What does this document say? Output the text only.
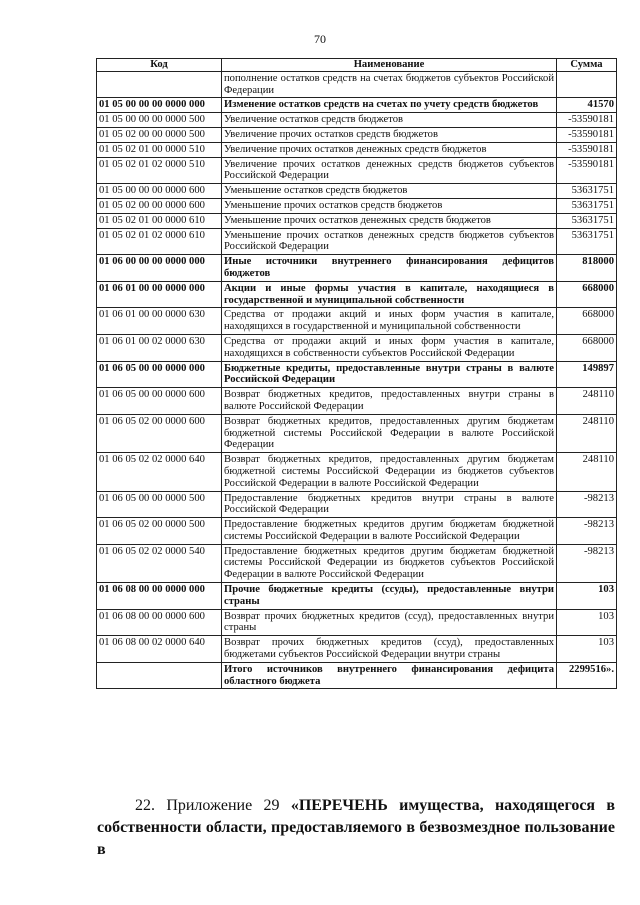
70
Код	Наименование	Сумма
	пополнение остатков средств на счетах бюджетов субъектов Российской Федерации	
01 05 00 00 00 0000 000	Изменение остатков средств на счетах по учету средств бюджетов	41570
01 05 00 00 00 0000 500	Увеличение остатков средств бюджетов	-53590181
01 05 02 00 00 0000 500	Увеличение прочих остатков средств бюджетов	-53590181
01 05 02 01 00 0000 510	Увеличение прочих остатков денежных средств бюджетов	-53590181
01 05 02 01 02 0000 510	Увеличение прочих остатков денежных средств бюджетов субъектов Российской Федерации	-53590181
01 05 00 00 00 0000 600	Уменьшение остатков средств бюджетов	53631751
01 05 02 00 00 0000 600	Уменьшение прочих остатков средств бюджетов	53631751
01 05 02 01 00 0000 610	Уменьшение прочих остатков денежных средств бюджетов	53631751
01 05 02 01 02 0000 610	Уменьшение прочих остатков денежных средств бюджетов субъектов Российской Федерации	53631751
01 06 00 00 00 0000 000	Иные источники внутреннего финансирования дефицитов бюджетов	818000
01 06 01 00 00 0000 000	Акции и иные формы участия в капитале, находящиеся в государственной и муниципальной собственности	668000
01 06 01 00 00 0000 630	Средства от продажи акций и иных форм участия в капитале, находящихся в государственной и муниципальной собственности	668000
01 06 01 00 02 0000 630	Средства от продажи акций и иных форм участия в капитале, находящихся в собственности субъектов Российской Федерации	668000
01 06 05 00 00 0000 000	Бюджетные кредиты, предоставленные внутри страны в валюте Российской Федерации	149897
01 06 05 00 00 0000 600	Возврат бюджетных кредитов, предоставленных внутри страны в валюте Российской Федерации	248110
01 06 05 02 00 0000 600	Возврат бюджетных кредитов, предоставленных другим бюджетам бюджетной системы Российской Федерации в валюте Российской Федерации	248110
01 06 05 02 02 0000 640	Возврат бюджетных кредитов, предоставленных другим бюджетам бюджетной системы Российской Федерации из бюджетов субъектов Российской Федерации в валюте Российской Федерации	248110
01 06 05 00 00 0000 500	Предоставление бюджетных кредитов внутри страны в валюте Российской Федерации	-98213
01 06 05 02 00 0000 500	Предоставление бюджетных кредитов другим бюджетам бюджетной системы Российской Федерации в валюте Российской Федерации	-98213
01 06 05 02 02 0000 540	Предоставление бюджетных кредитов другим бюджетам бюджетной системы Российской Федерации из бюджетов субъектов Российской Федерации в валюте Российской Федерации	-98213
01 06 08 00 00 0000 000	Прочие бюджетные кредиты (ссуды), предоставленные внутри страны	103
01 06 08 00 00 0000 600	Возврат прочих бюджетных кредитов (ссуд), предоставленных внутри страны	103
01 06 08 00 02 0000 640	Возврат прочих бюджетных кредитов (ссуд), предоставленных бюджетами субъектов Российской Федерации внутри страны	103
	Итого источников внутреннего финансирования дефицита областного бюджета	2299516».
22. Приложение 29 «ПЕРЕЧЕНЬ имущества, находящегося в собственности области, предоставляемого в безвозмездное пользование в
